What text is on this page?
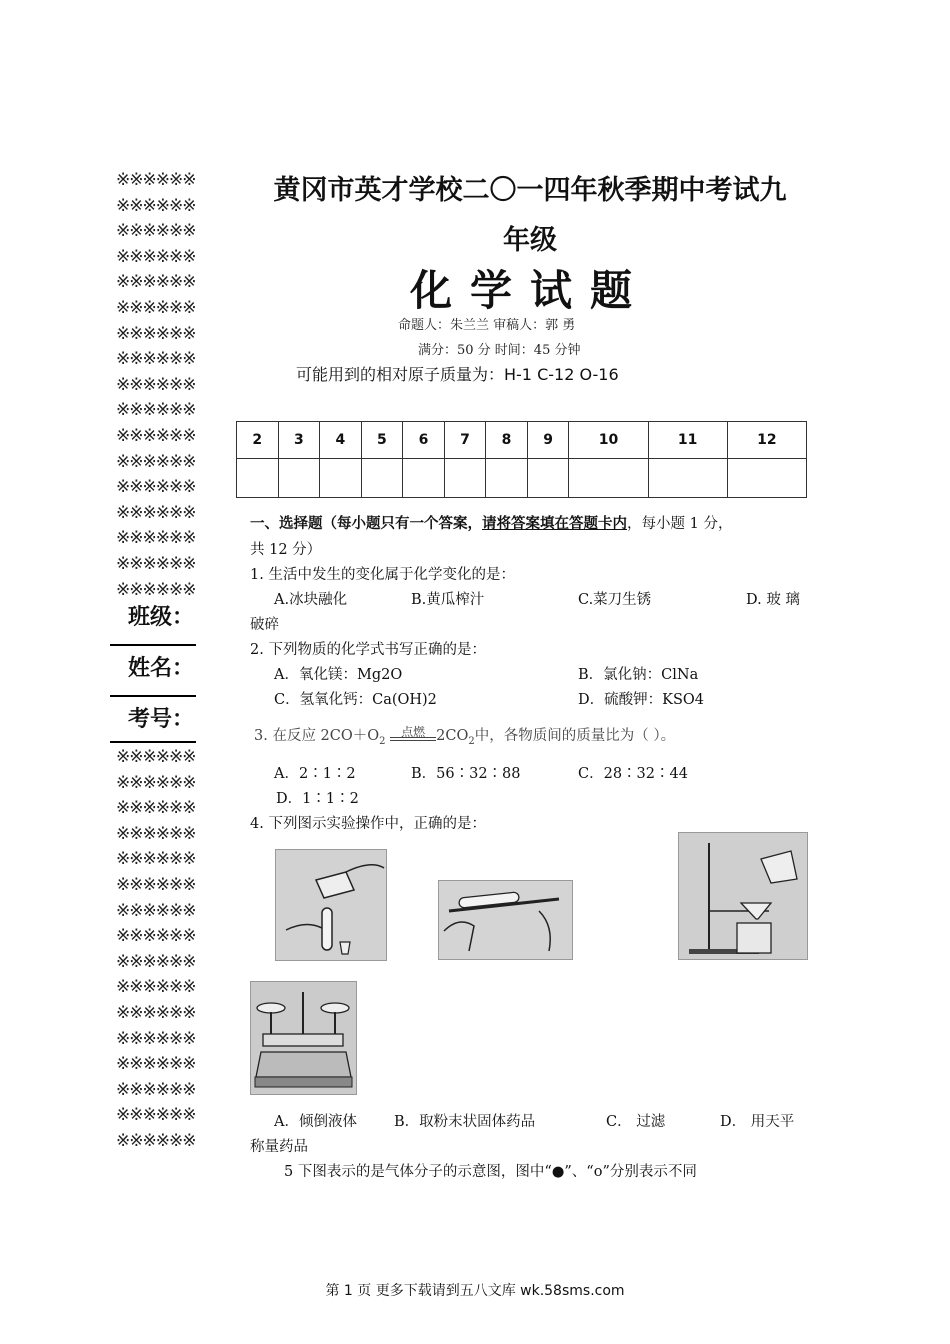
※※※※※※
※※※※※※
※※※※※※
※※※※※※
※※※※※※
※※※※※※
※※※※※※
※※※※※※
※※※※※※
※※※※※※
※※※※※※
※※※※※※
※※※※※※
※※※※※※
※※※※※※
※※※※※※
※※※※※※
班级：
姓名：
考号：
※※※※※※
※※※※※※
※※※※※※
※※※※※※
※※※※※※
※※※※※※
※※※※※※
※※※※※※
※※※※※※
※※※※※※
※※※※※※
※※※※※※
※※※※※※
※※※※※※
※※※※※※
※※※※※※
黄冈市英才学校二〇一四年秋季期中考试九
年级
化学试题
命题人：朱兰兰 审稿人：郭 勇
满分：50 分 时间：45 分钟
可能用到的相对原子质量为：H-1 C-12 O-16
2	3	4	5	6	7	8	9	10	11	12

一、选择题（每小题只有一个答案，请将答案填在答题卡内，每小题 1 分，
共 12 分）
1. 生活中发生的变化属于化学变化的是：
A.冰块融化	B.黄瓜榨汁	C.菜刀生锈	D. 玻 璃
破碎
2. 下列物质的化学式书写正确的是：
A．氧化镁：Mg2O	B．氯化钠：ClNa
C．氢氧化钙：Ca(OH)2	D．硫酸钾：KSO4
3. 在反应 $2CO+O_2$
点燃 $2CO_2$中，各物质间的质量比为（ ）。
A．2∶1∶2	B．56∶32∶88	C．28∶32∶44
D．1∶1∶2
4. 下列图示实验操作中，正确的是：
A．倾倒液体	B．取粉末状固体药品	C． 过滤	D． 用天平
称量药品
5 下图表示的是气体分子的示意图，图中“●”、“o”分别表示不同
第 1 页 更多下载请到五八文库 wk.58sms.com
